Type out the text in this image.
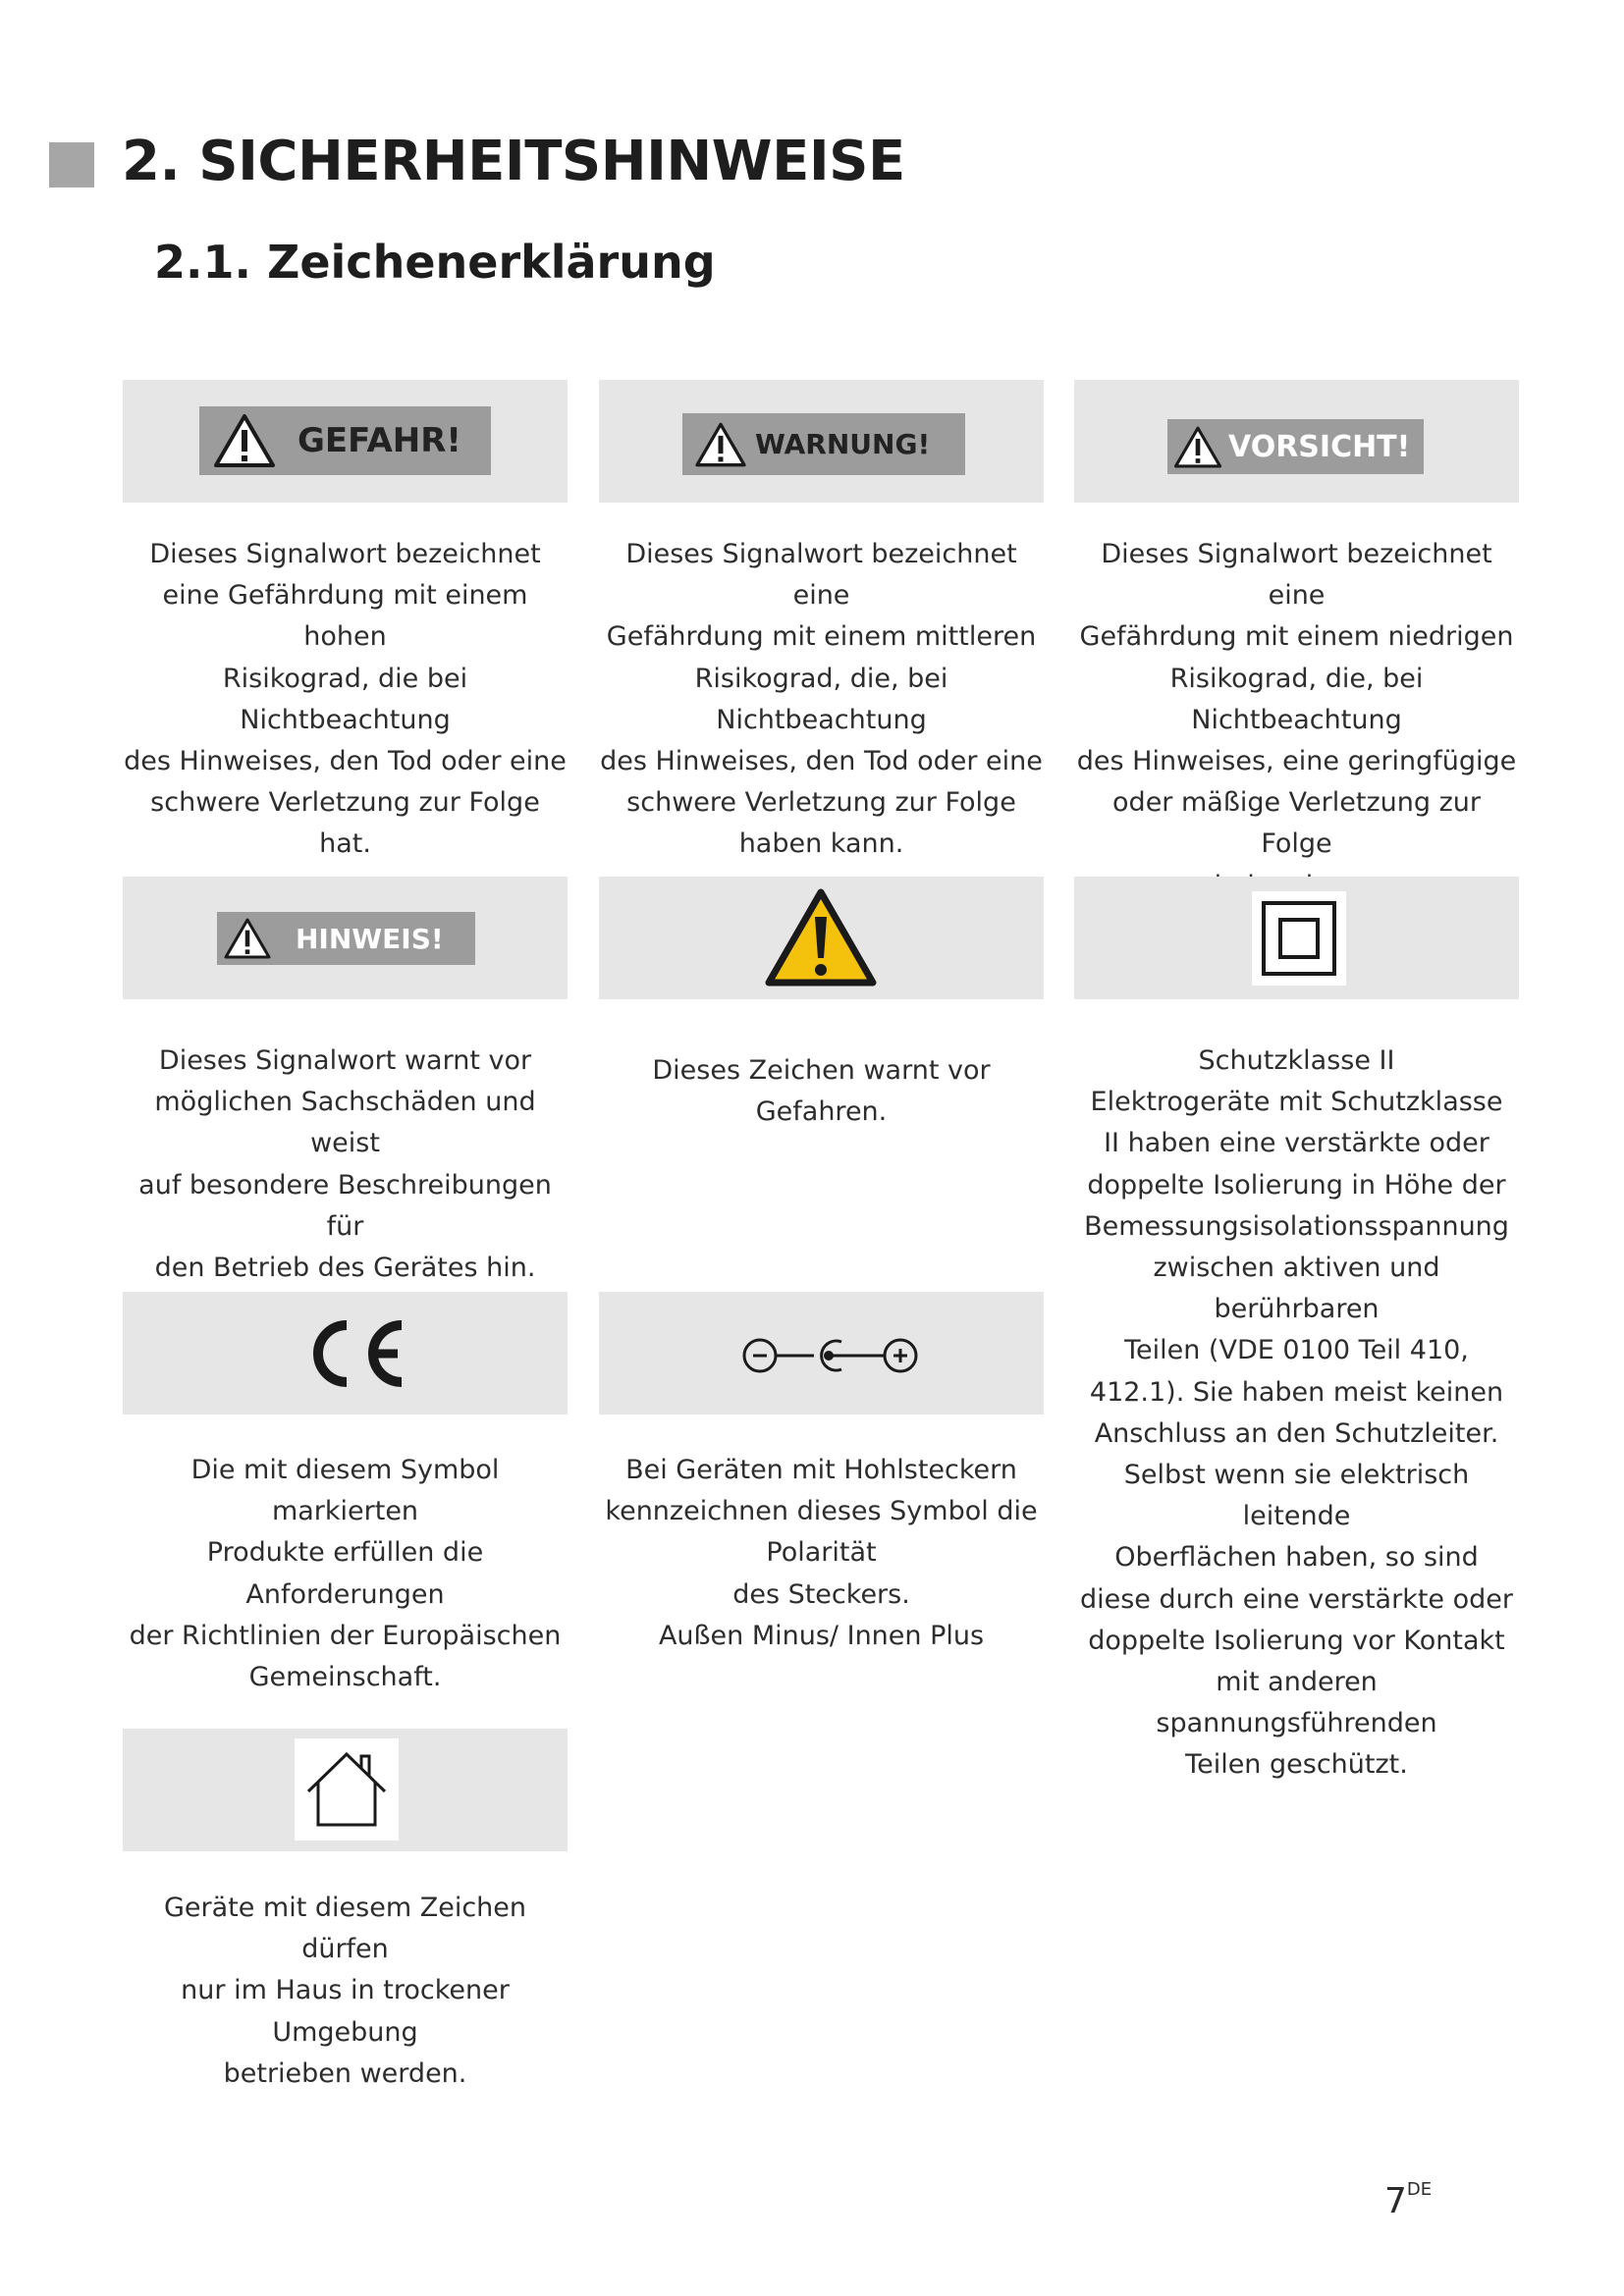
2. SICHERHEITSHINWEISE
2.1. Zeichenerklärung
GEFAHR!	WARNUNG!	VORSICHT!
Dieses Signalwort bezeichnet
eine Gefährdung mit einem hohen
Risikograd, die bei Nichtbeachtung
des Hinweises, den Tod oder eine
schwere Verletzung zur Folge hat.
Dieses Signalwort bezeichnet eine
Gefährdung mit einem mittleren
Risikograd, die, bei
Nichtbeachtung
des Hinweises, den Tod oder eine
schwere Verletzung zur Folge
haben kann.
Dieses Signalwort bezeichnet eine
Gefährdung mit einem niedrigen
Risikograd, die, bei
Nichtbeachtung
des Hinweises, eine geringfügige
oder mäßige Verletzung zur Folge
HINWEIS!
Dieses Signalwort warnt vor
möglichen Sachschäden und weist
auf besondere Beschreibungen für
den Betrieb des Gerätes hin.
Dieses Zeichen warnt vor
Gefahren.
Schutzklasse II
Elektrogeräte mit Schutzklasse
II haben eine verstärkte oder
doppelte Isolierung in Höhe der
Bemessungsisolationsspannung
zwischen aktiven und berührbaren
Teilen (VDE 0100 Teil 410,
412.1). Sie haben meist keinen
Anschluss an den Schutzleiter.
Selbst wenn sie elektrisch leitende
Oberflächen haben, so sind
diese durch eine verstärkte oder
doppelte Isolierung vor Kontakt
mit anderen spannungsführenden
Teilen geschützt.
Die mit diesem Symbol markierten
Produkte erfüllen die
Anforderungen
der Richtlinien der Europäischen
Gemeinschaft.
Bei Geräten mit Hohlsteckern
kennzeichnen dieses Symbol die
Polarität
des Steckers.
Außen Minus/ Innen Plus
Geräte mit diesem Zeichen dürfen
nur im Haus in trockener
Umgebung
betrieben werden.
7DE
